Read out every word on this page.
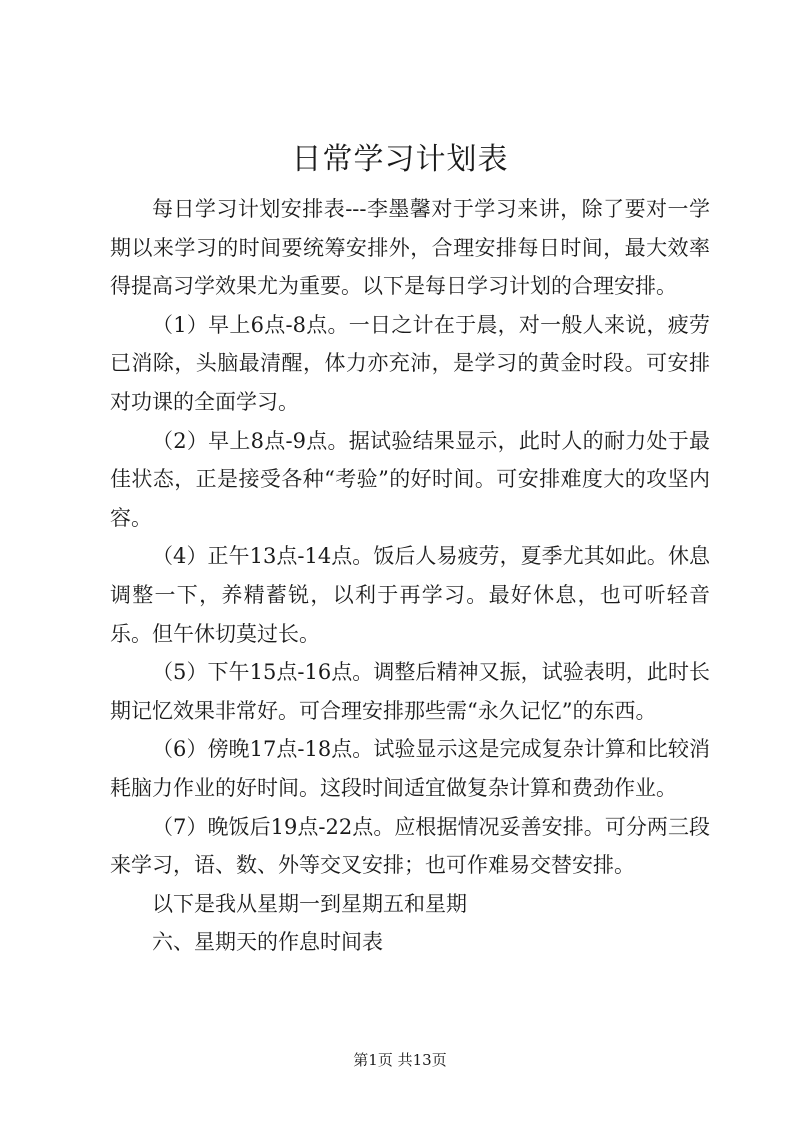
日常学习计划表

每日学习计划安排表---李墨馨对于学习来讲，除了要对一学期以来学习的时间要统筹安排外，合理安排每日时间，最大效率得提高习学效果尤为重要。以下是每日学习计划的合理安排。

（1）早上6点-8点。一日之计在于晨，对一般人来说，疲劳已消除，头脑最清醒，体力亦充沛，是学习的黄金时段。可安排对功课的全面学习。

（2）早上8点-9点。据试验结果显示，此时人的耐力处于最佳状态，正是接受各种“考验”的好时间。可安排难度大的攻坚内容。

（4）正午13点-14点。饭后人易疲劳，夏季尤其如此。休息调整一下，养精蓄锐，以利于再学习。最好休息，也可听轻音乐。但午休切莫过长。

（5）下午15点-16点。调整后精神又振，试验表明，此时长期记忆效果非常好。可合理安排那些需“永久记忆”的东西。

（6）傍晚17点-18点。试验显示这是完成复杂计算和比较消耗脑力作业的好时间。这段时间适宜做复杂计算和费劲作业。

（7）晚饭后19点-22点。应根据情况妥善安排。可分两三段来学习，语、数、外等交叉安排；也可作难易交替安排。

以下是我从星期一到星期五和星期

六、星期天的作息时间表

第1页 共13页
